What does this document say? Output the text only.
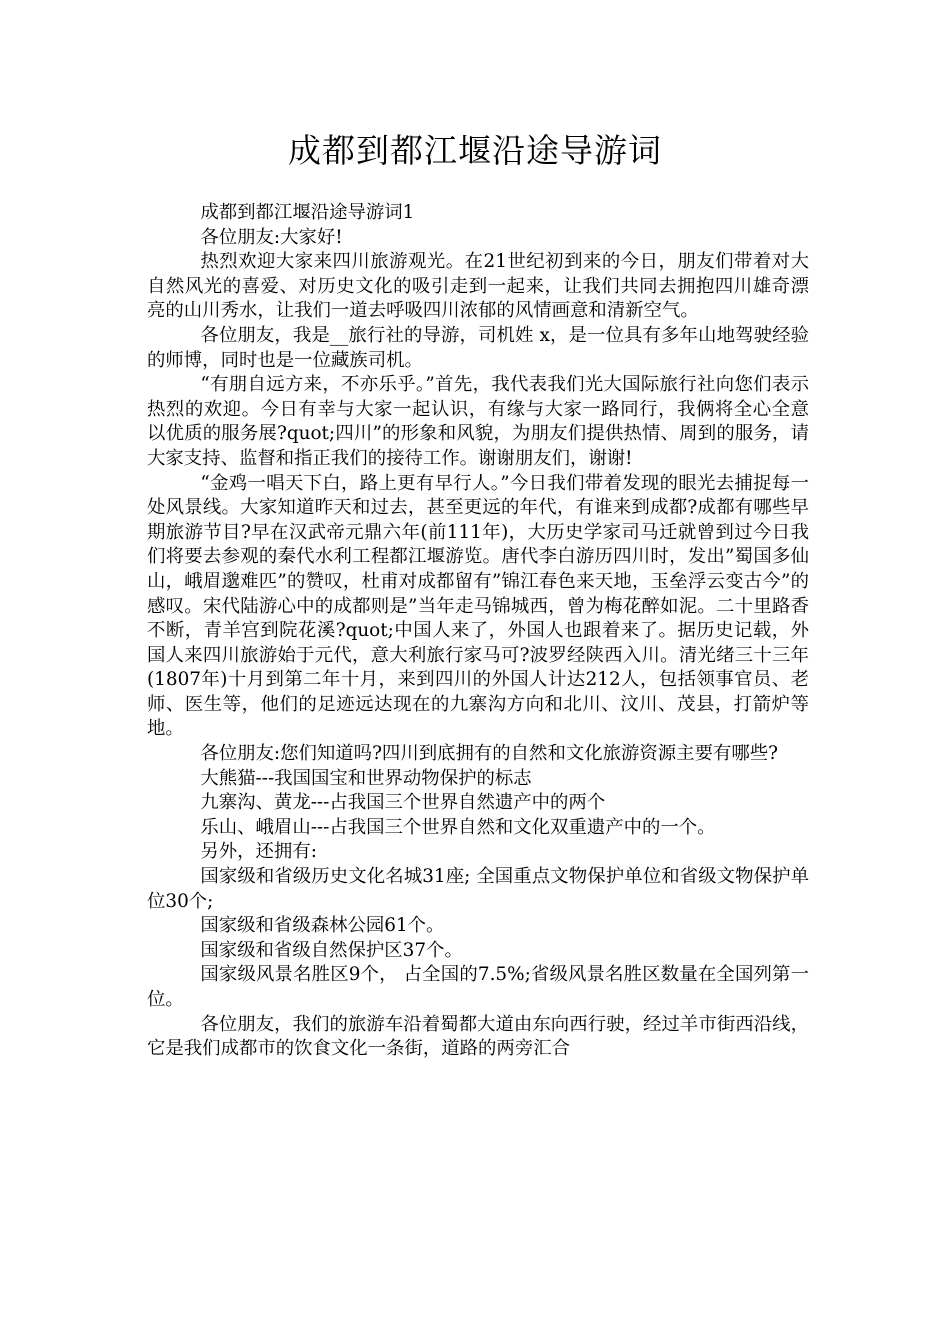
成都到都江堰沿途导游词

成都到都江堰沿途导游词1

各位朋友:大家好!

热烈欢迎大家来四川旅游观光。在21世纪初到来的今日，朋友们带着对大自然风光的喜爱、对历史文化的吸引走到一起来，让我们共同去拥抱四川雄奇漂亮的山川秀水，让我们一道去呼吸四川浓郁的风情画意和清新空气。

各位朋友，我是__旅行社的导游，司机姓 x，是一位具有多年山地驾驶经验的师博，同时也是一位藏族司机。

“有朋自远方来，不亦乐乎。”首先，我代表我们光大国际旅行社向您们表示热烈的欢迎。今日有幸与大家一起认识，有缘与大家一路同行，我俩将全心全意以优质的服务展?quot;四川”的形象和风貌，为朋友们提供热情、周到的服务，请大家支持、监督和指正我们的接待工作。谢谢朋友们，谢谢!

“金鸡一唱天下白，路上更有早行人。”今日我们带着发现的眼光去捕捉每一处风景线。大家知道昨天和过去，甚至更远的年代，有谁来到成都?成都有哪些早期旅游节目?早在汉武帝元鼎六年(前111年)，大历史学家司马迁就曾到过今日我们将要去参观的秦代水利工程都江堰游览。唐代李白游历四川时，发出”蜀国多仙山，峨眉邈难匹”的赞叹，杜甫对成都留有”锦江春色来天地，玉垒浮云变古今”的感叹。宋代陆游心中的成都则是”当年走马锦城西，曾为梅花醉如泥。二十里路香不断，青羊宫到院花溪?quot;中国人来了，外国人也跟着来了。据历史记载，外国人来四川旅游始于元代，意大利旅行家马可?波罗经陕西入川。清光绪三十三年(1807年)十月到第二年十月，来到四川的外国人计达212人，包括领事官员、老师、医生等，他们的足迹远达现在的九寨沟方向和北川、汶川、茂县，打箭炉等地。

各位朋友:您们知道吗?四川到底拥有的自然和文化旅游资源主要有哪些?

大熊猫---我国国宝和世界动物保护的标志

九寨沟、黄龙---占我国三个世界自然遗产中的两个

乐山、峨眉山---占我国三个世界自然和文化双重遗产中的一个。

另外，还拥有:

国家级和省级历史文化名城31座; 全国重点文物保护单位和省级文物保护单位30个;

国家级和省级森林公园61个。

国家级和省级自然保护区37个。

国家级风景名胜区9个， 占全国的7.5%;省级风景名胜区数量在全国列第一位。

各位朋友，我们的旅游车沿着蜀都大道由东向西行驶，经过羊市街西沿线，它是我们成都市的饮食文化一条街，道路的两旁汇合
